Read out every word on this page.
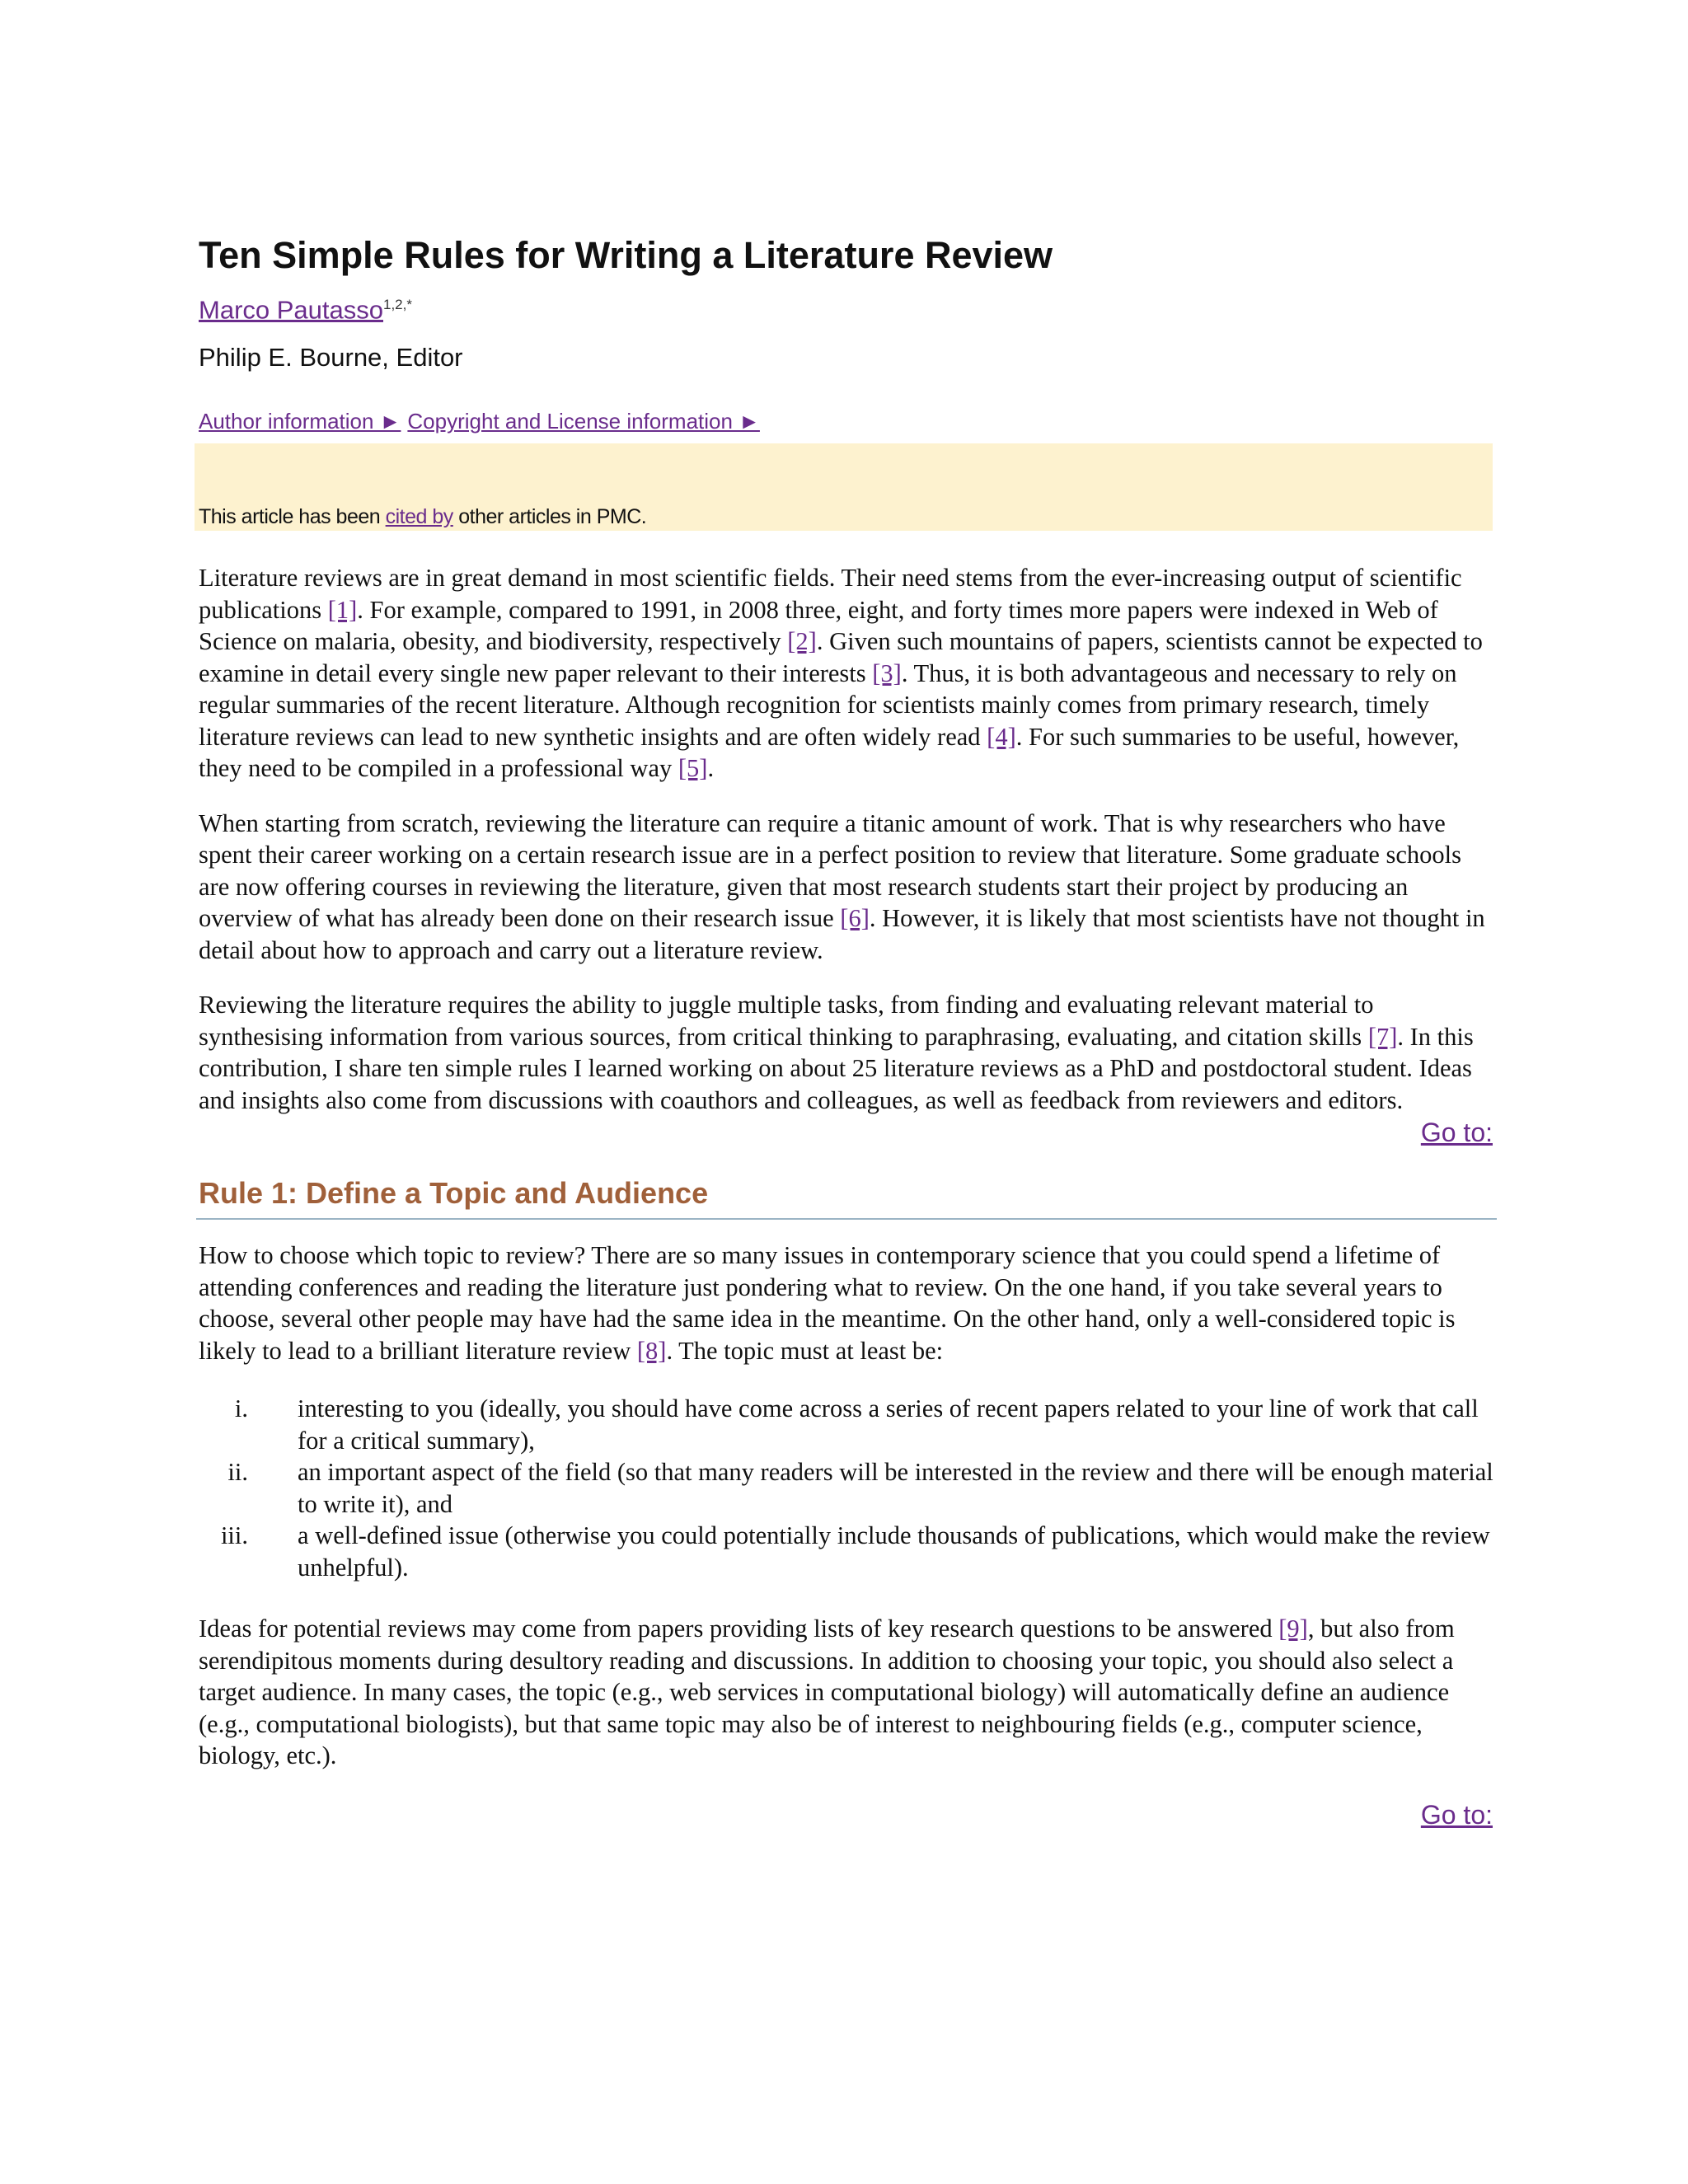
Ten Simple Rules for Writing a Literature Review
Marco Pautasso$^{1,2,*}$
Philip E. Bourne, Editor
Author information ► Copyright and License information ►
This article has been cited by other articles in PMC.

Literature reviews are in great demand in most scientific fields. Their need stems from the ever-increasing output of scientific publications [1]. For example, compared to 1991, in 2008 three, eight, and forty times more papers were indexed in Web of Science on malaria, obesity, and biodiversity, respectively [2]. Given such mountains of papers, scientists cannot be expected to examine in detail every single new paper relevant to their interests [3]. Thus, it is both advantageous and necessary to rely on regular summaries of the recent literature. Although recognition for scientists mainly comes from primary research, timely literature reviews can lead to new synthetic insights and are often widely read [4]. For such summaries to be useful, however, they need to be compiled in a professional way [5].

When starting from scratch, reviewing the literature can require a titanic amount of work. That is why researchers who have spent their career working on a certain research issue are in a perfect position to review that literature. Some graduate schools are now offering courses in reviewing the literature, given that most research students start their project by producing an overview of what has already been done on their research issue [6]. However, it is likely that most scientists have not thought in detail about how to approach and carry out a literature review.

Reviewing the literature requires the ability to juggle multiple tasks, from finding and evaluating relevant material to synthesising information from various sources, from critical thinking to paraphrasing, evaluating, and citation skills [7]. In this contribution, I share ten simple rules I learned working on about 25 literature reviews as a PhD and postdoctoral student. Ideas and insights also come from discussions with coauthors and colleagues, as well as feedback from reviewers and editors.

Go to:
Rule 1: Define a Topic and Audience

How to choose which topic to review? There are so many issues in contemporary science that you could spend a lifetime of attending conferences and reading the literature just pondering what to review. On the one hand, if you take several years to choose, several other people may have had the same idea in the meantime. On the other hand, only a well-considered topic is likely to lead to a brilliant literature review [8]. The topic must at least be:

i. interesting to you (ideally, you should have come across a series of recent papers related to your line of work that call for a critical summary),
ii. an important aspect of the field (so that many readers will be interested in the review and there will be enough material to write it), and
iii. a well-defined issue (otherwise you could potentially include thousands of publications, which would make the review unhelpful).

Ideas for potential reviews may come from papers providing lists of key research questions to be answered [9], but also from serendipitous moments during desultory reading and discussions. In addition to choosing your topic, you should also select a target audience. In many cases, the topic (e.g., web services in computational biology) will automatically define an audience (e.g., computational biologists), but that same topic may also be of interest to neighbouring fields (e.g., computer science, biology, etc.).

Go to:
